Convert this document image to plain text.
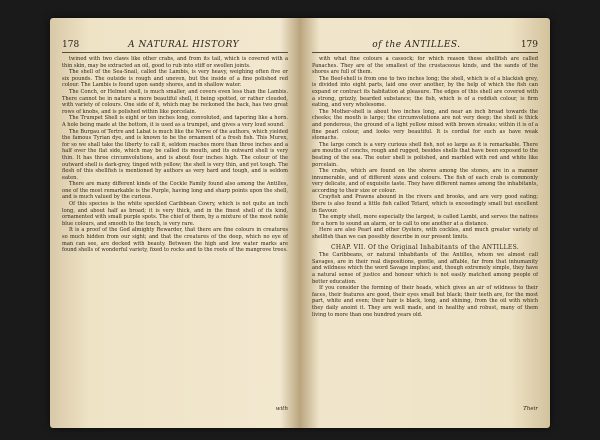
178	A NATURAL HISTORY

twined with two claws like other crabs, and from its tail, which is covered with a thin skin, may be extracted an oil, good to rub into stiff or swollen joints.

The shell of the Sea-Snail, called the Lambis, is very heavy, weighing often five or six pounds. The outside is rough and uneven, but the inside of a fine polished red colour. The Lambis is found upon sandy shores, and in shallow water.

The Conch, or Helmet shell, is much smaller, and covers even less than the Lambis. There cannot be in nature a more beautiful shell, it being spotted, or rather clouded, with variety of colours. One side of it, which may be reckoned the back, has two great rows of knobs, and is polished within like porcelain.

The Trumpet Shell is eight or ten inches long, convoluted, and tapering like a horn. A hole being made at the bottom, it is used as a trumpet, and gives a very loud sound.

The Burgau of Tertre and Labat is much like the Nerve of the authors, which yielded the famous Tyrian dye, and is known to be the ornament of a fresh fish. This Murex, for so we shall take the liberty to call it, seldom reaches more than three inches and a half over the flat side, which may be called its mouth, and its outward shell is very thin. It has three circumvolutions, and is about four inches high. The colour of the outward shell is dark-grey, tinged with yellow; the shell is very thin, and yet tough. The flesh of this shellfish is mentioned by authors as very hard and tough, and is seldom eaten.

There are many different kinds of the Cockle Family found also among the Antilles, one of the most remarkable is the Purple, having long and sharp points upon the shell, and is much valued by the curious.

Of this species is the white speckled Caribbean Cowry, which is not quite an inch long, and about half as broad; it is very thick, and in the finest shell of its kind, ornamented with small purple spots. The chief of them, by a mixture of the most noble blue colours, and smooth to the touch, is very rare.

It is a proof of the God almighty Rewarder, that there are fine colours in creatures so much hidden from our sight; and that the creatures of the deep, which no eye of man can see, are decked with beauty. Between the high and low water marks are found shells of wonderful variety, fixed to rocks and to the roots of the mangrove trees.

with
of the ANTILLES.	179

with what fine colours a cassock; for which reason these shellfish are called Panaches. They are of the smallest of the crustaceous kinds, and the sands of the shores are full of them.

The Beef-shell is from one to two inches long; the shell, which is of a blackish grey, is divided into eight parts, laid one over another, by the help of which the fish can expand or contract its habitation at pleasure. The edges of this shell are covered with a strong, grizzly, bearded substance; the fish, which is of a reddish colour, is firm eating, and very wholesome.

The Mother-shell is about two inches long, and near an inch broad towards the cheeks; the mouth is large; the circumvolutions are not very deep; the shell is thick and ponderous, the ground of a light yellow mixed with brown streaks; within it is of a fine pearl colour, and looks very beautiful. It is cordial for such as have weak stomachs.

The large conch is a very curious shell fish, not so large as it is remarkable. There are mouths of conchs, rough and rugged, besides shells that have been exposed to the beating of the sea. The outer shell is polished, and marbled with red and white like porcelain.

The crabs, which are found on the shores among the stones, are in a manner innumerable, and of different sizes and colours. The fish of each crab is commonly very delicate, and of exquisite taste. They have different names among the inhabitants, according to their size or colour.

Crayfish and Prawns abound in the rivers and brooks, and are very good eating; there is also found a little fish called Tetard, which is exceedingly small but excellent in flavour.

The empty shell, more especially the largest, is called Lambi, and serves the natives for a horn to sound an alarm, or to call to one another at a distance.

Here are also Pearl and other Oysters, with cockles, and much greater variety of shellfish than we can possibly describe in our present limits.

CHAP. VII. Of the Original Inhabitants of the ANTILLES.

The Caribbeans, or natural inhabitants of the Antilles, whom we almost call Savages, are in their real dispositions, gentle, and affable, far from that inhumanity and wildness which the word Savage implies; and, though extremely simple, they have a natural sense of justice and honour which is not easily matched among people of better education.

If you consider the forming of their heads, which gives an air of wildness to their faces, their features are good, their eyes small but black; their teeth are, for the most part, white and even; their hair is black, long, and shining, from the oil with which they daily anoint it. They are well made, and in healthy and robust, many of them living to more than one hundred years old.

Their
